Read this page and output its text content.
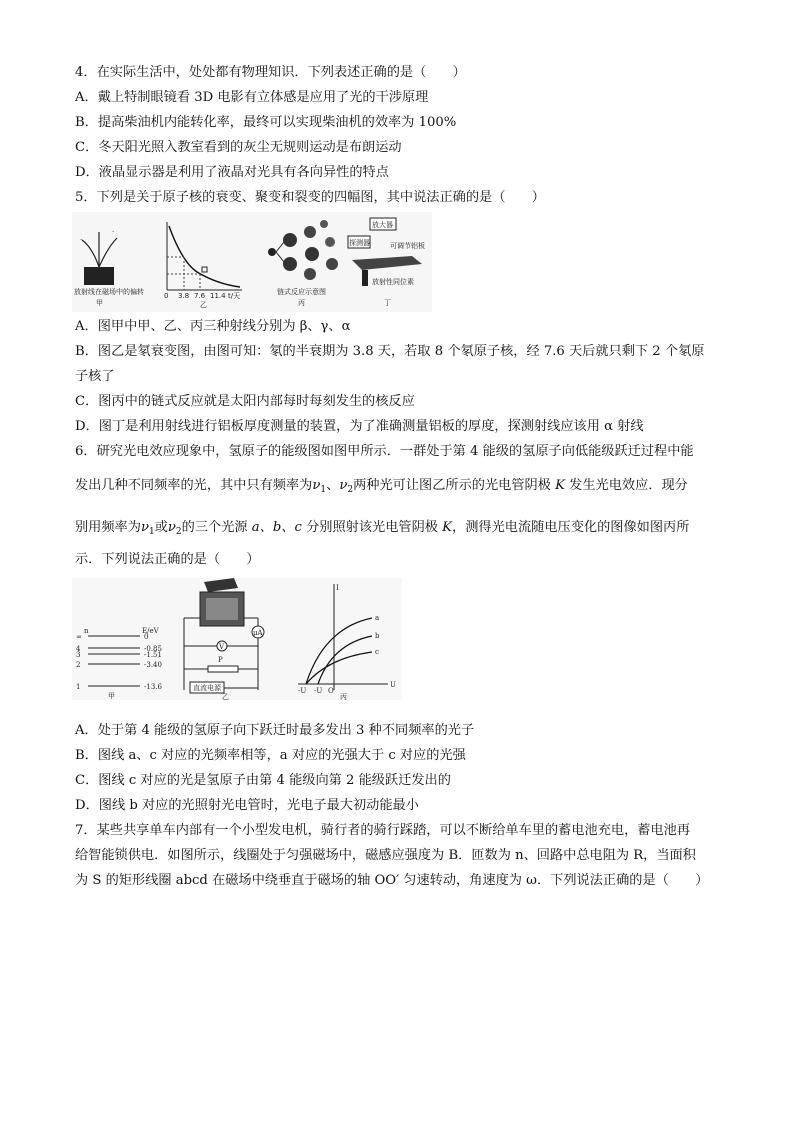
4．在实际生活中，处处都有物理知识．下列表述正确的是（　　）
A．戴上特制眼镜看 3D 电影有立体感是应用了光的干涉原理
B．提高柴油机内能转化率，最终可以实现柴油机的效率为 100%
C．冬天阳光照入教室看到的灰尘无规则运动是布朗运动
D．液晶显示器是利用了液晶对光具有各向异性的特点
5．下列是关于原子核的衰变、聚变和裂变的四幅图，其中说法正确的是（　　）
·
·
放射线在磁场中的偏转
甲
0 3.8 7.6 11.4 t/天
乙
链式反应示意图
丙
放大器
探测器
放射性同位素
可调节铝板
丁
A．图甲中甲、乙、丙三种射线分别为 β、γ、α
B．图乙是氡衰变图，由图可知：氡的半衰期为 3.8 天，若取 8 个氡原子核，经 7.6 天后就只剩下 2 个氡原
子核了
C．图丙中的链式反应就是太阳内部每时每刻发生的核反应
D．图丁是利用射线进行铝板厚度测量的装置，为了准确测量铝板的厚度，探测射线应该用 α 射线
6．研究光电效应现象中，氢原子的能级图如图甲所示．一群处于第 4 能级的氢原子向低能级跃迁过程中能
发出几种不同频率的光，其中只有频率为$\nu_1$、$\nu_2$两种光可让图乙所示的光电管阴极 K 发生光电效应．现分
别用频率为$\nu_1$或$\nu_2$的三个光源 a、b、c 分别照射该光电管阴极 K，测得光电流随电压变化的图像如图丙所
示．下列说法正确的是（　　）
n	E/eV
∞	0
4	-0.85
3	-1.51
2	-3.40
1	-13.6
甲
μA
V
P
直流电源
乙
I
U
O
-U -U
a
b
c
丙
A．处于第 4 能级的氢原子向下跃迁时最多发出 3 种不同频率的光子
B．图线 a、c 对应的光频率相等，a 对应的光强大于 c 对应的光强
C．图线 c 对应的光是氢原子由第 4 能级向第 2 能级跃迁发出的
D．图线 b 对应的光照射光电管时，光电子最大初动能最小
7．某些共享单车内部有一个小型发电机，骑行者的骑行踩踏，可以不断给单车里的蓄电池充电，蓄电池再
给智能锁供电．如图所示，线圈处于匀强磁场中，磁感应强度为 B．匝数为 n、回路中总电阻为 R，当面积
为 S 的矩形线圈 abcd 在磁场中绕垂直于磁场的轴 OO′ 匀速转动，角速度为 ω．下列说法正确的是（　　）
